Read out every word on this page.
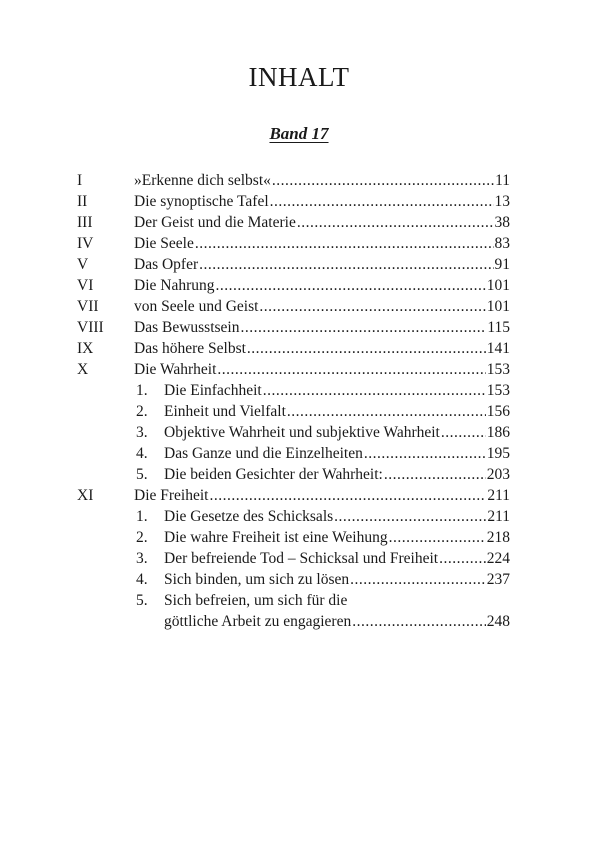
INHALT
Band 17
I	»Erkenne dich selbst« .....	11
II	Die synoptische Tafel .....	13
III	Der Geist und die Materie .....	38
IV	Die Seele .....	83
V	Das Opfer .....	91
VI	Die Nahrung .....	101
VII von Seele und Geist .....	101
VIII Das Bewusstsein .....	115
IX	Das höhere Selbst .....	141
X	Die Wahrheit .....	153
1. Die Einfachheit .....	153
2. Einheit und Vielfalt .....	156
3. Objektive Wahrheit und subjektive Wahrheit .....	186
4. Das Ganze und die Einzelheiten .....	195
5. Die beiden Gesichter der Wahrheit: .....	203
XI	Die Freiheit .....	211
1. Die Gesetze des Schicksals .....	211
2. Die wahre Freiheit ist eine Weihung .....	218
3. Der befreiende Tod – Schicksal und Freiheit .....	224
4. Sich binden, um sich zu lösen .....	237
5. Sich befreien, um sich für die
göttliche Arbeit zu engagieren .....	248
